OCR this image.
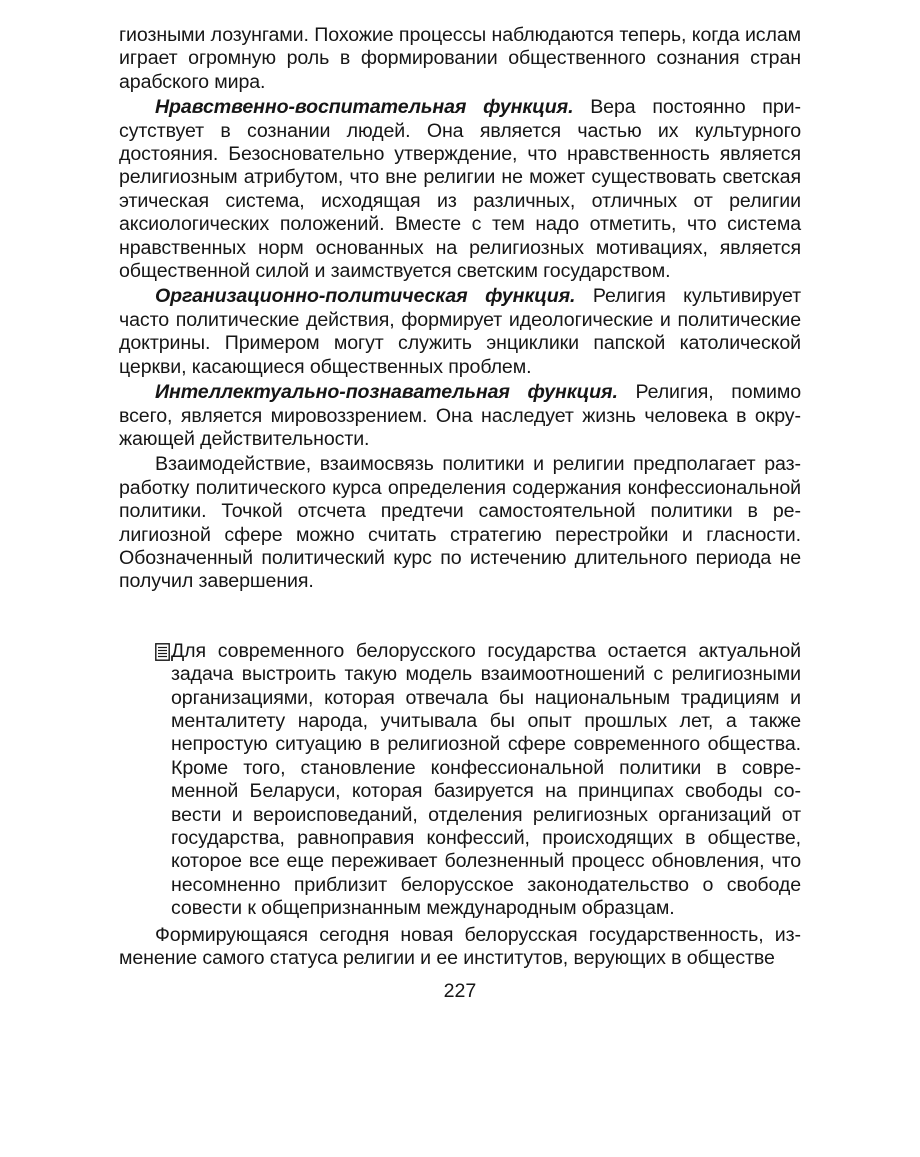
гиозными лозунгами. Похожие процессы наблюдаются теперь, когда ислам играет огромную роль в формировании общественного сознания стран арабского мира.

Нравственно-воспитательная функция. Вера постоянно присутствует в сознании людей. Она является частью их культурного достояния. Безосновательно утверждение, что нравственность является религиозным атрибутом, что вне религии не может существовать светская этическая система, исходящая из различных, отличных от религии аксиологических положений. Вместе с тем надо отметить, что система нравственных норм основанных на религиозных мотивациях, является общественной силой и заимствуется светским государством.

Организационно-политическая функция. Религия культивирует часто политические действия, формирует идеологические и политические доктрины. Примером могут служить энциклики папской католической церкви, касающиеся общественных проблем.

Интеллектуально-познавательная функция. Религия, помимо всего, является мировоззрением. Она наследует жизнь человека в окружающей действительности.

Взаимодействие, взаимосвязь политики и религии предполагает разработку политического курса определения содержания конфессиональной политики. Точкой отсчета предтечи самостоятельной политики в религиозной сфере можно считать стратегию перестройки и гласности. Обозначенный политический курс по истечению длительного периода не получил завершения.

Для современного белорусского государства остается актуальной задача выстроить такую модель взаимоотношений с религиозными организациями, которая отвечала бы национальным традициям и менталитету народа, учитывала бы опыт прошлых лет, а также непростую ситуацию в религиозной сфере современного общества. Кроме того, становление конфессиональной политики в современной Беларуси, которая базируется на принципах свободы совести и вероисповеданий, отделения религиозных организаций от государства, равноправия конфессий, происходящих в обществе, которое все еще переживает болезненный процесс обновления, что несомненно приблизит белорусское законодательство о свободе совести к общепризнанным международным образцам.

Формирующаяся сегодня новая белорусская государственность, изменение самого статуса религии и ее институтов, верующих в обществе

227
